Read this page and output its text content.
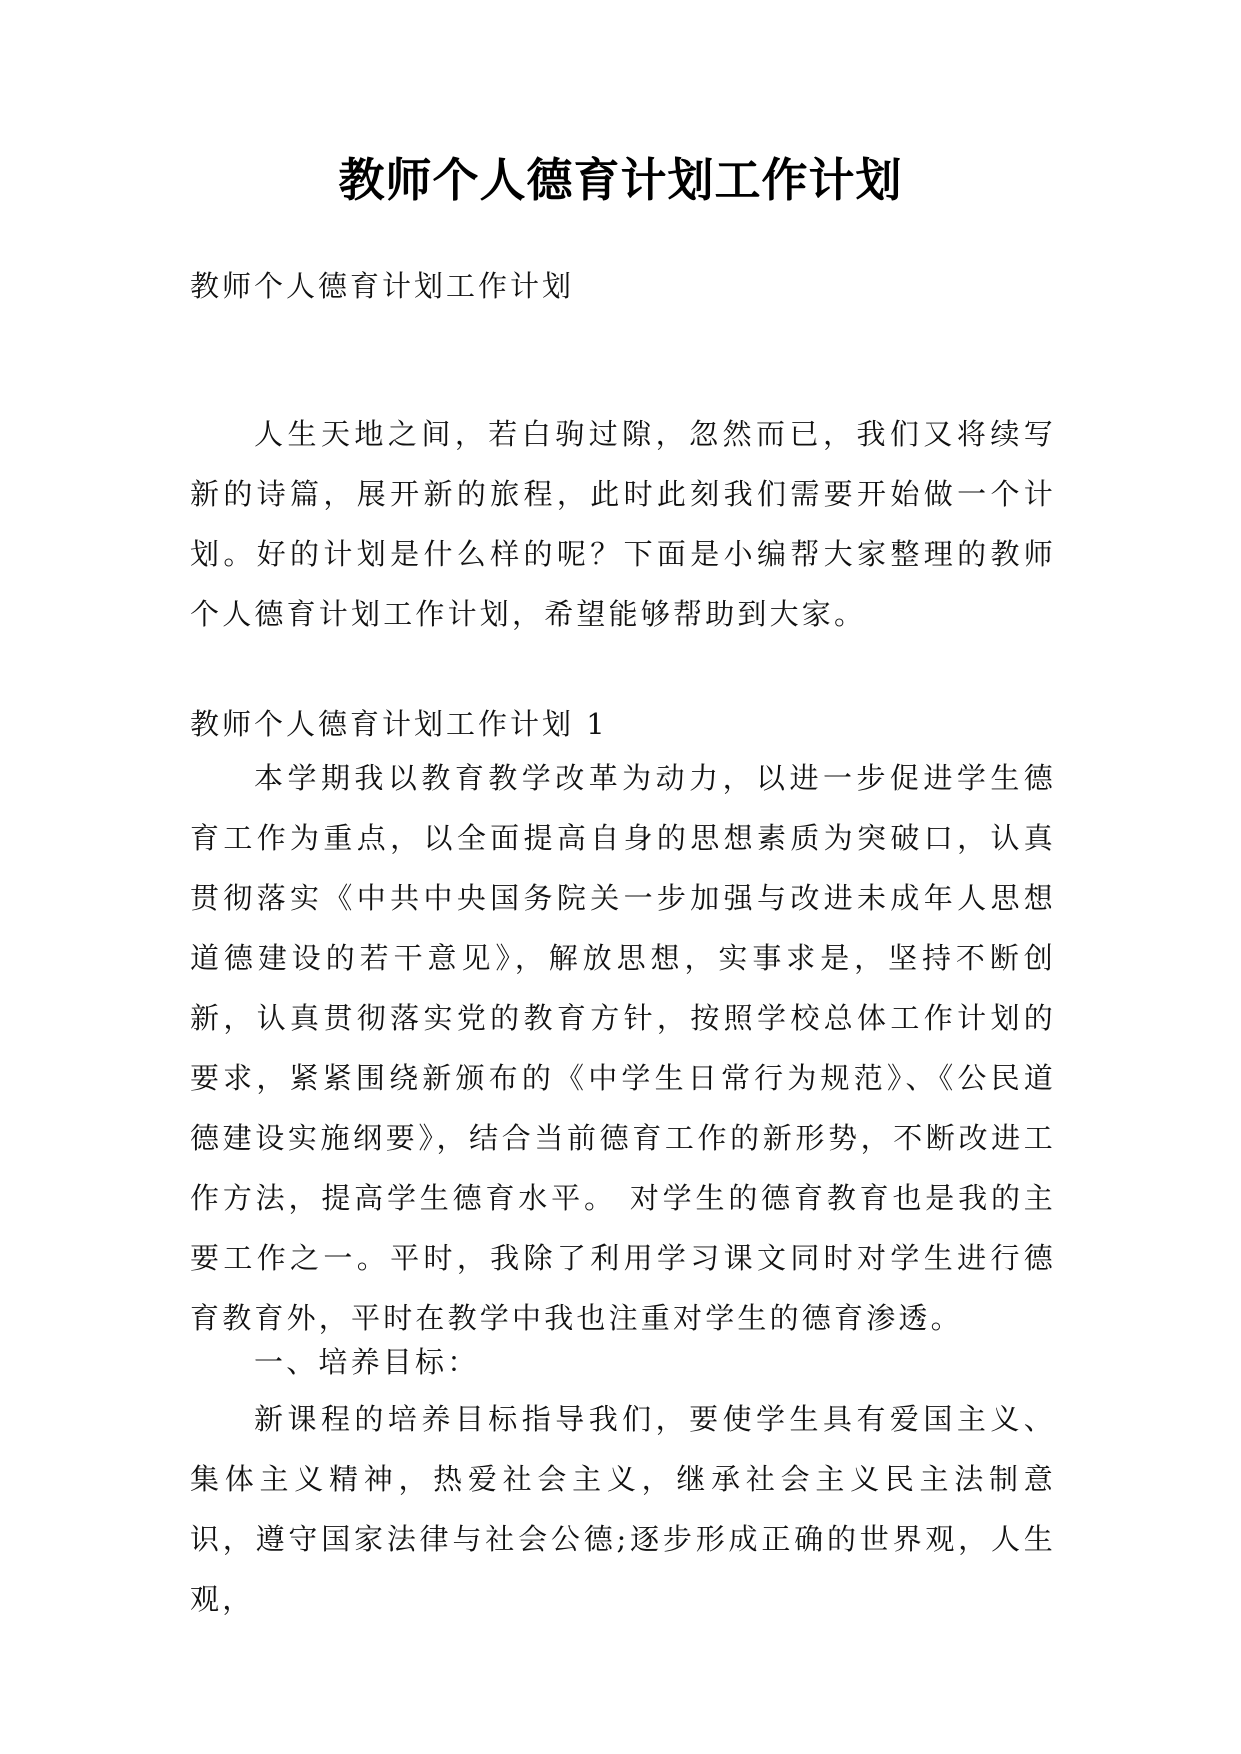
教师个人德育计划工作计划
教师个人德育计划工作计划

人生天地之间，若白驹过隙，忽然而已，我们又将续写新的诗篇，展开新的旅程，此时此刻我们需要开始做一个计划。好的计划是什么样的呢？下面是小编帮大家整理的教师个人德育计划工作计划，希望能够帮助到大家。

教师个人德育计划工作计划 1

本学期我以教育教学改革为动力，以进一步促进学生德育工作为重点，以全面提高自身的思想素质为突破口，认真贯彻落实《中共中央国务院关一步加强与改进未成年人思想道德建设的若干意见》，解放思想，实事求是，坚持不断创新，认真贯彻落实党的教育方针，按照学校总体工作计划的要求，紧紧围绕新颁布的《中学生日常行为规范》、《公民道德建设实施纲要》，结合当前德育工作的新形势，不断改进工作方法，提高学生德育水平。 对学生的德育教育也是我的主要工作之一。平时，我除了利用学习课文同时对学生进行德育教育外，平时在教学中我也注重对学生的德育渗透。

一、培养目标：

新课程的培养目标指导我们，要使学生具有爱国主义、集体主义精神，热爱社会主义，继承社会主义民主法制意识，遵守国家法律与社会公德;逐步形成正确的世界观，人生观，
